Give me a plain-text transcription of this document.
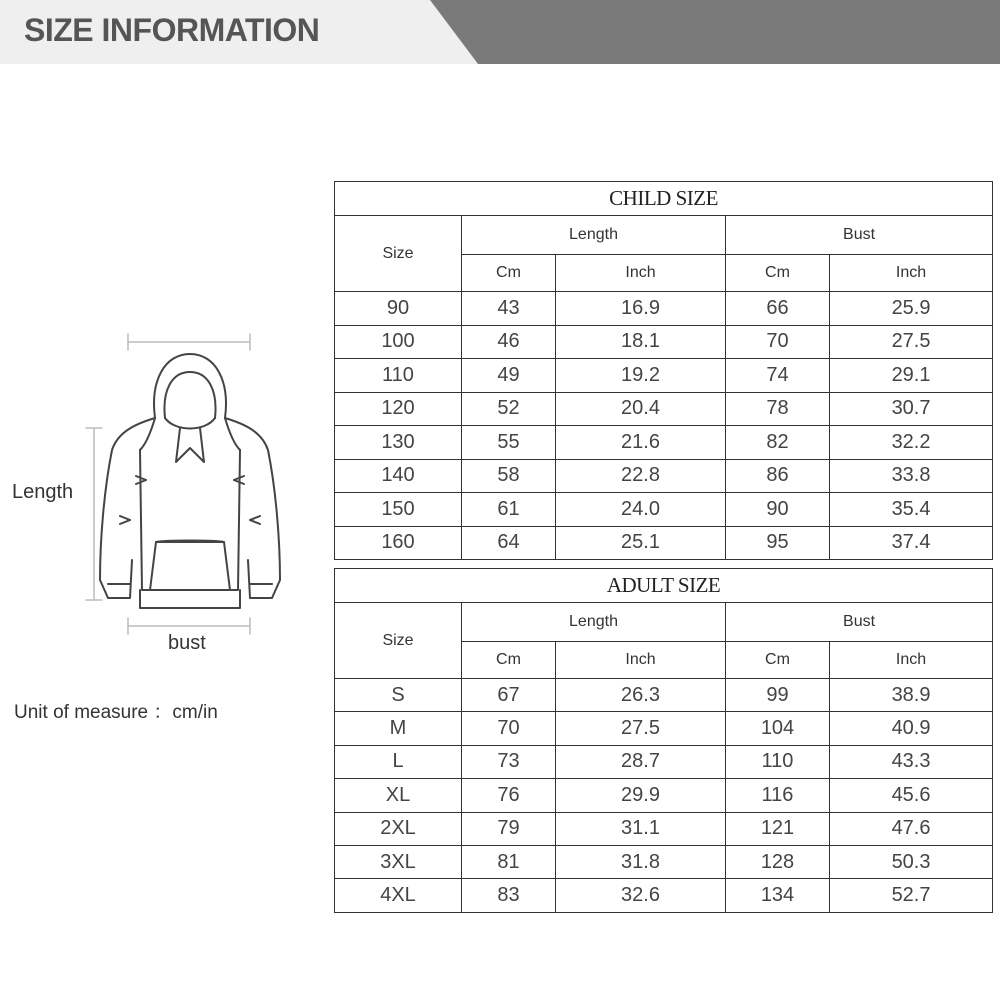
SIZE INFORMATION
Length
bust
Unit of measure ：cm/in
CHILD SIZE				
Size	Length		Bust	
	Cm	Inch	Cm	Inch
90	43	16.9	66	25.9
100	46	18.1	70	27.5
110	49	19.2	74	29.1
120	52	20.4	78	30.7
130	55	21.6	82	32.2
140	58	22.8	86	33.8
150	61	24.0	90	35.4
160	64	25.1	95	37.4
ADULT SIZE				
Size	Length		Bust	
	Cm	Inch	Cm	Inch
S	67	26.3	99	38.9
M	70	27.5	104	40.9
L	73	28.7	110	43.3
XL	76	29.9	116	45.6
2XL	79	31.1	121	47.6
3XL	81	31.8	128	50.3
4XL	83	32.6	134	52.7
